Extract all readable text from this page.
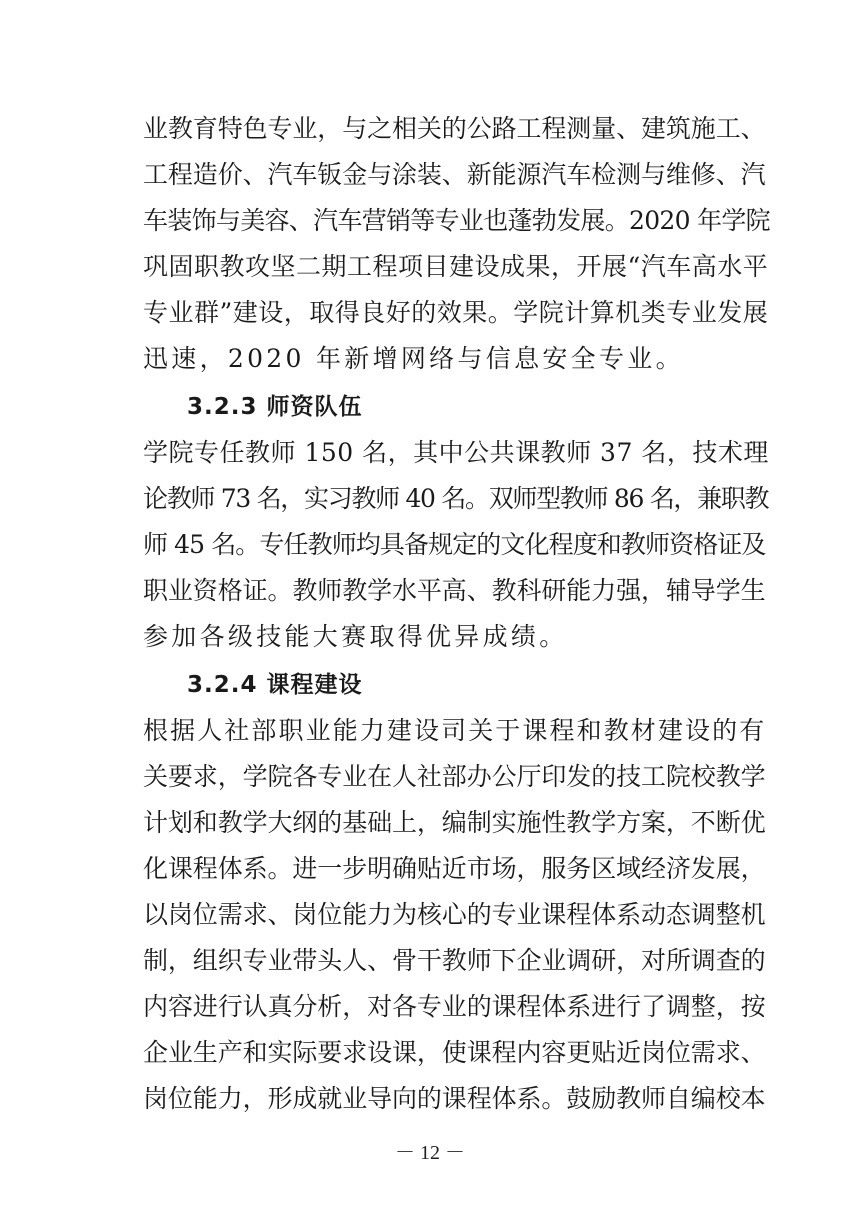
业教育特色专业，与之相关的公路工程测量、建筑施工、
工程造价、汽车钣金与涂装、新能源汽车检测与维修、汽
车装饰与美容、汽车营销等专业也蓬勃发展。2020 年学院
巩固职教攻坚二期工程项目建设成果，开展“汽车高水平
专业群”建设，取得良好的效果。学院计算机类专业发展
迅速，2020 年新增网络与信息安全专业。
3.2.3 师资队伍
学院专任教师 150 名，其中公共课教师 37 名，技术理
论教师 73 名，实习教师 40 名。双师型教师 86 名，兼职教
师 45 名。专任教师均具备规定的文化程度和教师资格证及
职业资格证。教师教学水平高、教科研能力强，辅导学生
参加各级技能大赛取得优异成绩。
3.2.4 课程建设
根据人社部职业能力建设司关于课程和教材建设的有
关要求，学院各专业在人社部办公厅印发的技工院校教学
计划和教学大纲的基础上，编制实施性教学方案，不断优
化课程体系。进一步明确贴近市场，服务区域经济发展，
以岗位需求、岗位能力为核心的专业课程体系动态调整机
制，组织专业带头人、骨干教师下企业调研，对所调查的
内容进行认真分析，对各专业的课程体系进行了调整，按
企业生产和实际要求设课，使课程内容更贴近岗位需求、
岗位能力，形成就业导向的课程体系。鼓励教师自编校本
－ 12 －
